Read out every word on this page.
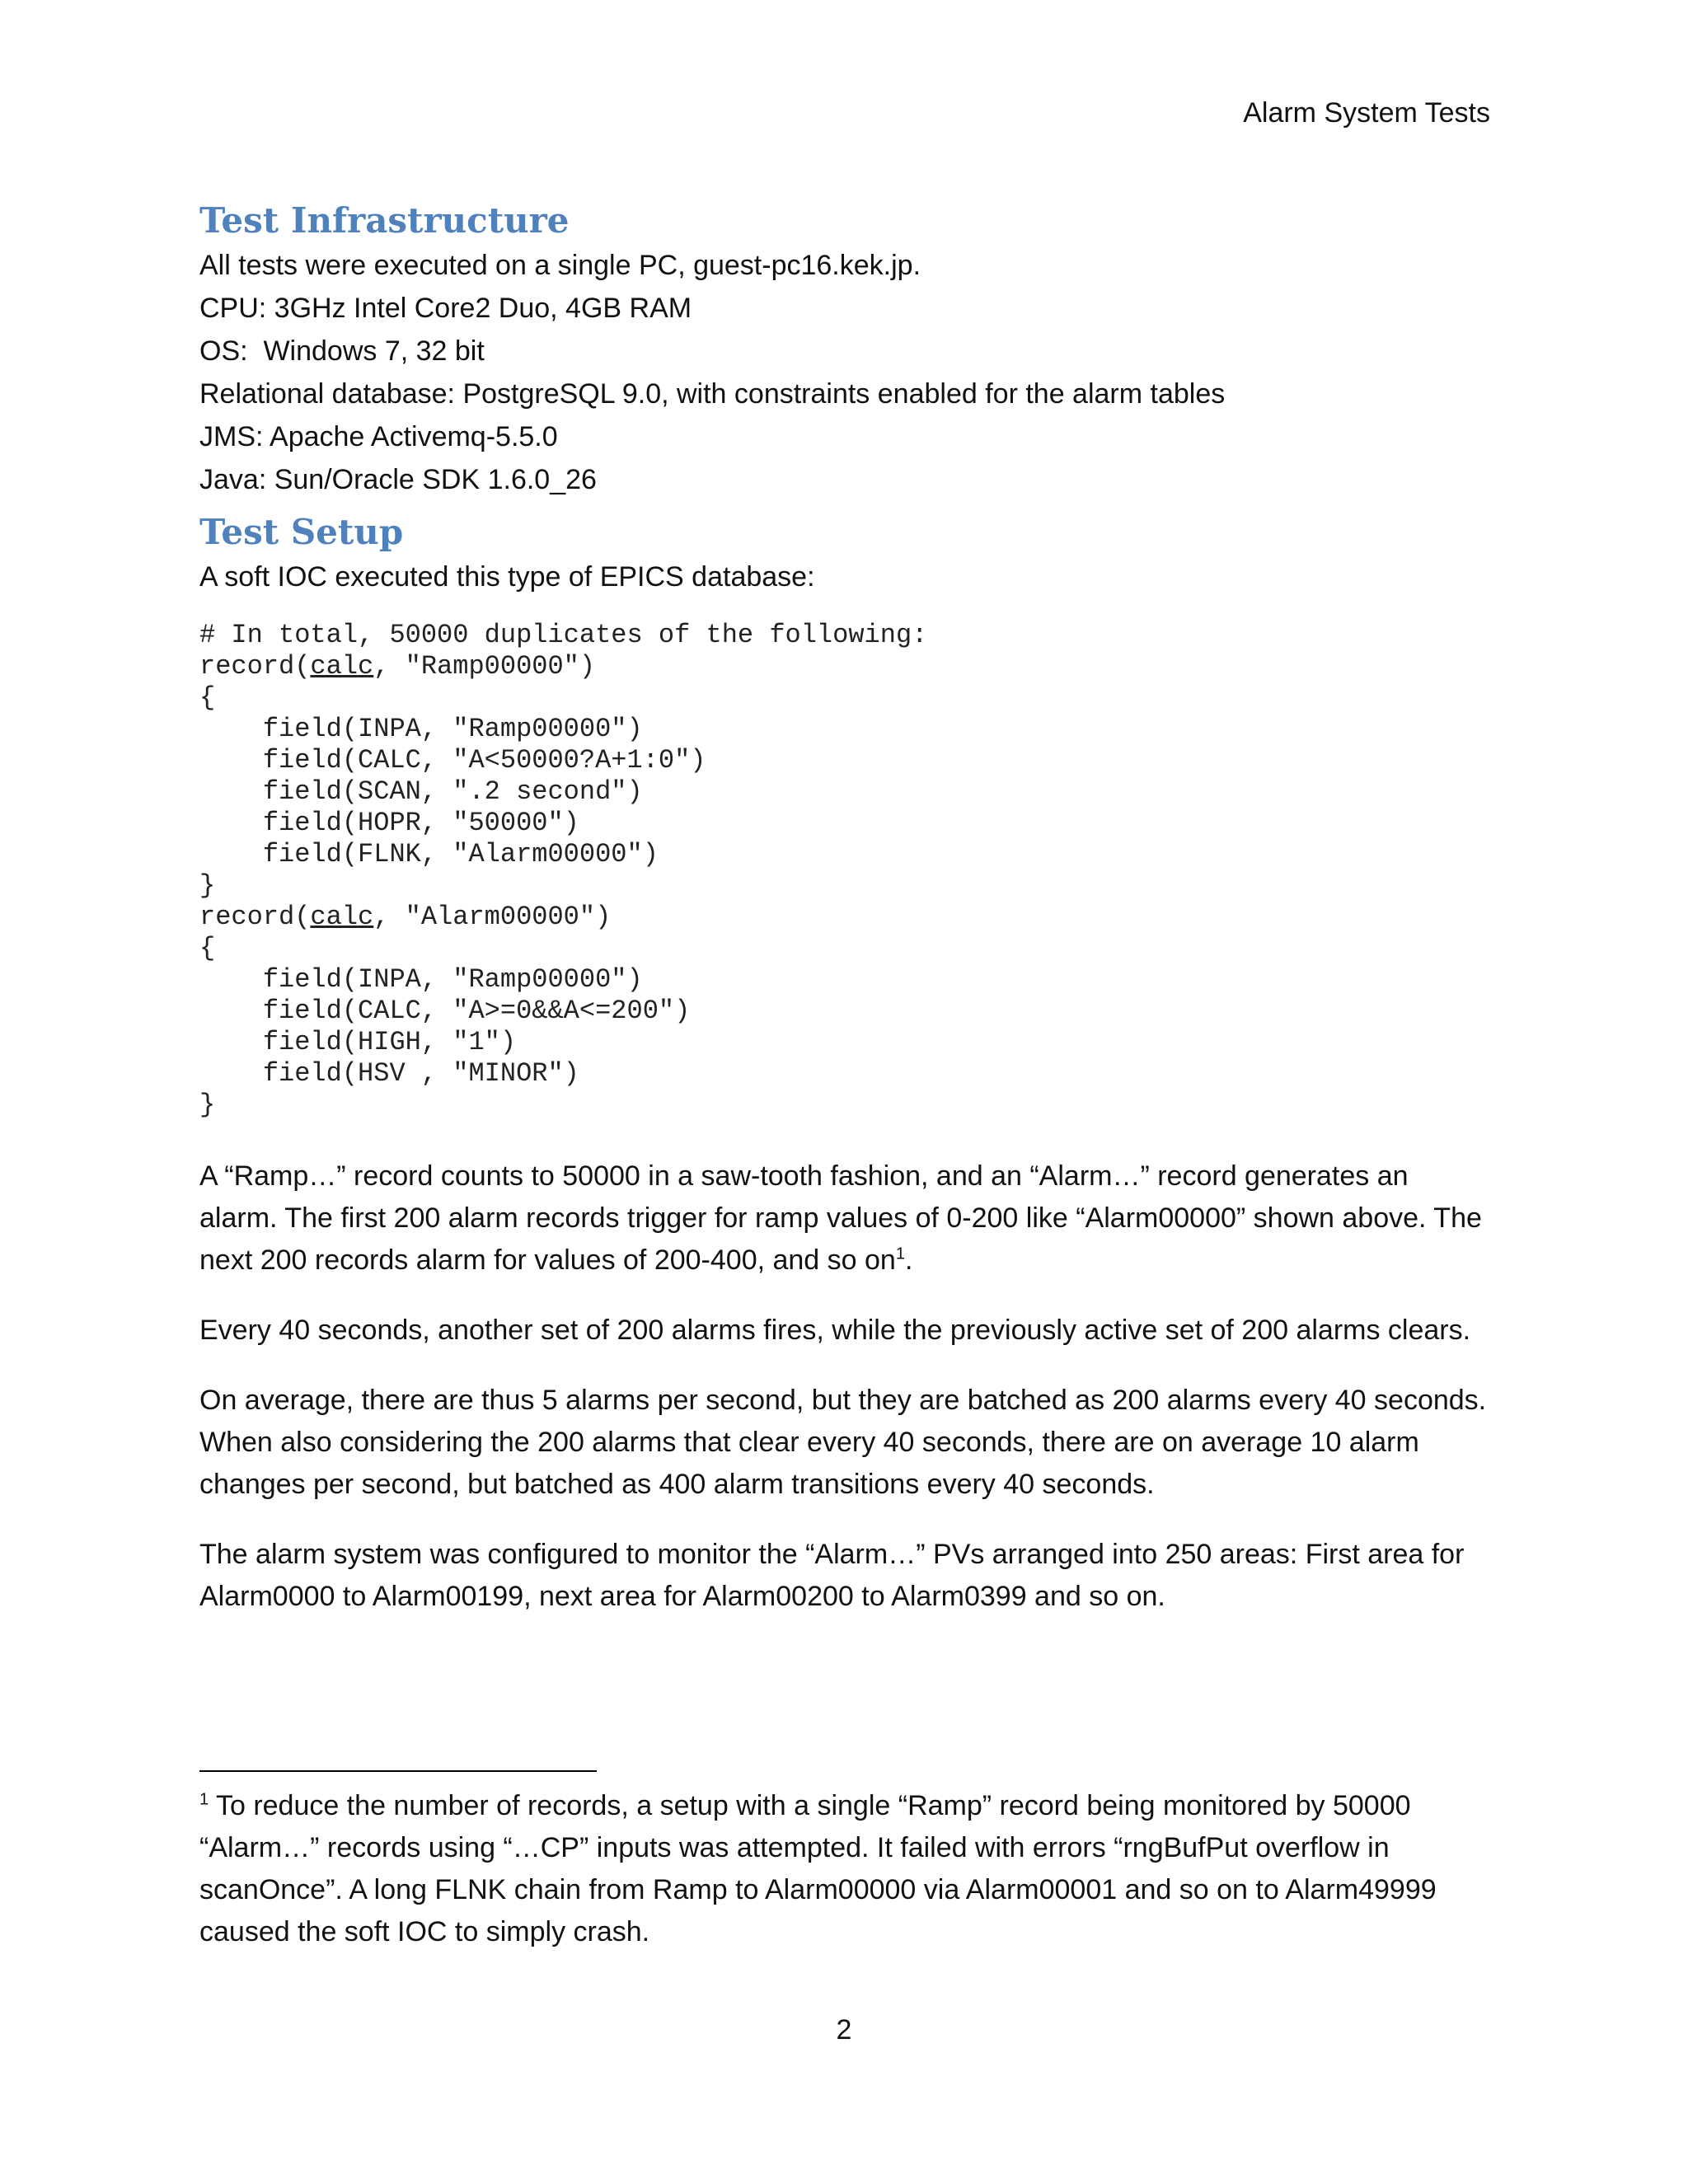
Alarm System Tests
Test Infrastructure

All tests were executed on a single PC, guest-pc16.kek.jp.

CPU: 3GHz Intel Core2 Duo, 4GB RAM

OS:  Windows 7, 32 bit

Relational database: PostgreSQL 9.0, with constraints enabled for the alarm tables

JMS: Apache Activemq-5.5.0

Java: Sun/Oracle SDK 1.6.0_26

Test Setup

A soft IOC executed this type of EPICS database:

# In total, 50000 duplicates of the following:
record(calc, "Ramp00000")
{
field(INPA, "Ramp00000")
field(CALC, "A<50000?A+1:0")
field(SCAN, ".2 second")
field(HOPR, "50000")
field(FLNK, "Alarm00000")
}
record(calc, "Alarm00000")
{
field(INPA, "Ramp00000")
field(CALC, "A>=0&&A<=200")
field(HIGH, "1")
field(HSV , "MINOR")
}

A “Ramp…” record counts to 50000 in a saw-tooth fashion, and an “Alarm…” record generates an alarm. The first 200 alarm records trigger for ramp values of 0-200 like “Alarm00000” shown above. The next 200 records alarm for values of 200-400, and so $on^1$.

Every 40 seconds, another set of 200 alarms fires, while the previously active set of 200 alarms clears.

On average, there are thus 5 alarms per second, but they are batched as 200 alarms every 40 seconds. When also considering the 200 alarms that clear every 40 seconds, there are on average 10 alarm changes per second, but batched as 400 alarm transitions every 40 seconds.

The alarm system was configured to monitor the “Alarm…” PVs arranged into 250 areas: First area for Alarm0000 to Alarm00199, next area for Alarm00200 to Alarm0399 and so on.

$^1$ To reduce the number of records, a setup with a single “Ramp” record being monitored by 50000 “Alarm…” records using “…CP” inputs was attempted. It failed with errors “rngBufPut overflow in scanOnce”. A long FLNK chain from Ramp to Alarm00000 via Alarm00001 and so on to Alarm49999 caused the soft IOC to simply crash.
2
